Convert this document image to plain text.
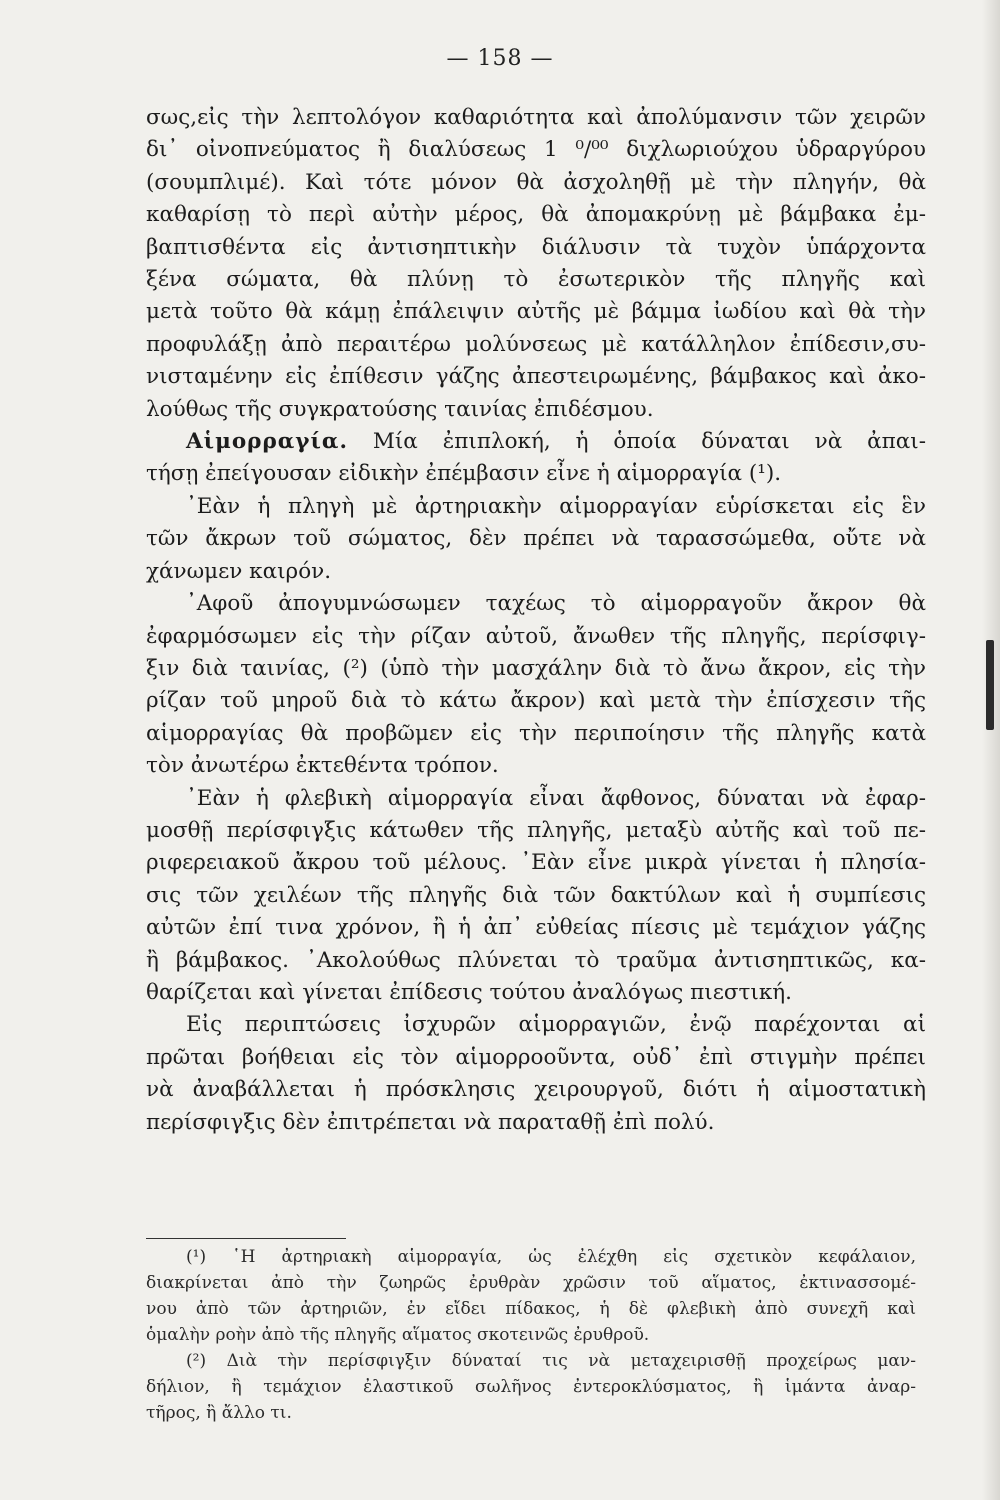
— 158 —
σως,εἰς τὴν λεπτολόγον καθαριότητα καὶ ἀπολύμανσιν τῶν χειρῶν
δι᾽ οἰνοπνεύματος ἢ διαλύσεως 1 ⁰/⁰⁰ διχλωριούχου ὑδραργύρου
(σουμπλιμέ). Καὶ τότε μόνον θὰ ἀσχοληθῇ μὲ τὴν πληγήν, θὰ
καθαρίσῃ τὸ περὶ αὐτὴν μέρος, θὰ ἀπομακρύνῃ μὲ βάμβακα ἐμ-
βαπτισθέντα εἰς ἀντισηπτικὴν διάλυσιν τὰ τυχὸν ὑπάρχοντα
ξένα σώματα, θὰ πλύνῃ τὸ ἐσωτερικὸν τῆς πληγῆς καὶ
μετὰ τοῦτο θὰ κάμῃ ἐπάλειψιν αὐτῆς μὲ βάμμα ἰωδίου καὶ θὰ τὴν
προφυλάξῃ ἀπὸ περαιτέρω μολύνσεως μὲ κατάλληλον ἐπίδεσιν,συ-
νισταμένην εἰς ἐπίθεσιν γάζης ἀπεστειρωμένης, βάμβακος καὶ ἀκο-
λούθως τῆς συγκρατούσης ταινίας ἐπιδέσμου.
Αἱμορραγία. Μία ἐπιπλοκή, ἡ ὁποία δύναται νὰ ἀπαι-
τήσῃ ἐπείγουσαν εἰδικὴν ἐπέμβασιν εἶνε ἡ αἱμορραγία (¹).
᾽Εὰν ἡ πληγὴ μὲ ἀρτηριακὴν αἱμορραγίαν εὑρίσκεται εἰς ἓν
τῶν ἄκρων τοῦ σώματος, δὲν πρέπει νὰ ταρασσώμεθα, οὔτε νὰ
χάνωμεν καιρόν.
᾽Αφοῦ ἀπογυμνώσωμεν ταχέως τὸ αἱμορραγοῦν ἄκρον θὰ
ἐφαρμόσωμεν εἰς τὴν ρίζαν αὐτοῦ, ἄνωθεν τῆς πληγῆς, περίσφιγ-
ξιν διὰ ταινίας, (²) (ὑπὸ τὴν μασχάλην διὰ τὸ ἄνω ἄκρον, εἰς τὴν
ρίζαν τοῦ μηροῦ διὰ τὸ κάτω ἄκρον) καὶ μετὰ τὴν ἐπίσχεσιν τῆς
αἱμορραγίας θὰ προβῶμεν εἰς τὴν περιποίησιν τῆς πληγῆς κατὰ
τὸν ἀνωτέρω ἐκτεθέντα τρόπον.
᾽Εὰν ἡ φλεβικὴ αἱμορραγία εἶναι ἄφθονος, δύναται νὰ ἐφαρ-
μοσθῇ περίσφιγξις κάτωθεν τῆς πληγῆς, μεταξὺ αὐτῆς καὶ τοῦ πε-
ριφερειακοῦ ἄκρου τοῦ μέλους. ᾽Εὰν εἶνε μικρὰ γίνεται ἡ πλησία-
σις τῶν χειλέων τῆς πληγῆς διὰ τῶν δακτύλων καὶ ἡ συμπίεσις
αὐτῶν ἐπί τινα χρόνον, ἢ ἡ ἀπ᾽ εὐθείας πίεσις μὲ τεμάχιον γάζης
ἢ βάμβακος. ᾽Ακολούθως πλύνεται τὸ τραῦμα ἀντισηπτικῶς, κα-
θαρίζεται καὶ γίνεται ἐπίδεσις τούτου ἀναλόγως πιεστική.
Εἰς περιπτώσεις ἰσχυρῶν αἱμορραγιῶν, ἐνῷ παρέχονται αἱ
πρῶται βοήθειαι εἰς τὸν αἱμορροοῦντα, οὐδ᾽ ἐπὶ στιγμὴν πρέπει
νὰ ἀναβάλλεται ἡ πρόσκλησις χειρουργοῦ, διότι ἡ αἱμοστατικὴ
περίσφιγξις δὲν ἐπιτρέπεται νὰ παραταθῇ ἐπὶ πολύ.
(¹) ῾Η ἀρτηριακὴ αἱμορραγία, ὡς ἐλέχθη εἰς σχετικὸν κεφάλαιον,
διακρίνεται ἀπὸ τὴν ζωηρῶς ἐρυθρὰν χρῶσιν τοῦ αἵματος, ἐκτινασσομέ-
νου ἀπὸ τῶν ἀρτηριῶν, ἐν εἴδει πίδακος, ἡ δὲ φλεβικὴ ἀπὸ συνεχῆ καὶ
ὁμαλὴν ροὴν ἀπὸ τῆς πληγῆς αἵματος σκοτεινῶς ἐρυθροῦ.
(²) Διὰ τὴν περίσφιγξιν δύναταί τις νὰ μεταχειρισθῇ προχείρως μαν-
δήλιον, ἢ τεμάχιον ἐλαστικοῦ σωλῆνος ἐντεροκλύσματος, ἢ ἱμάντα ἀναρ-
τῆρος, ἢ ἄλλο τι.
